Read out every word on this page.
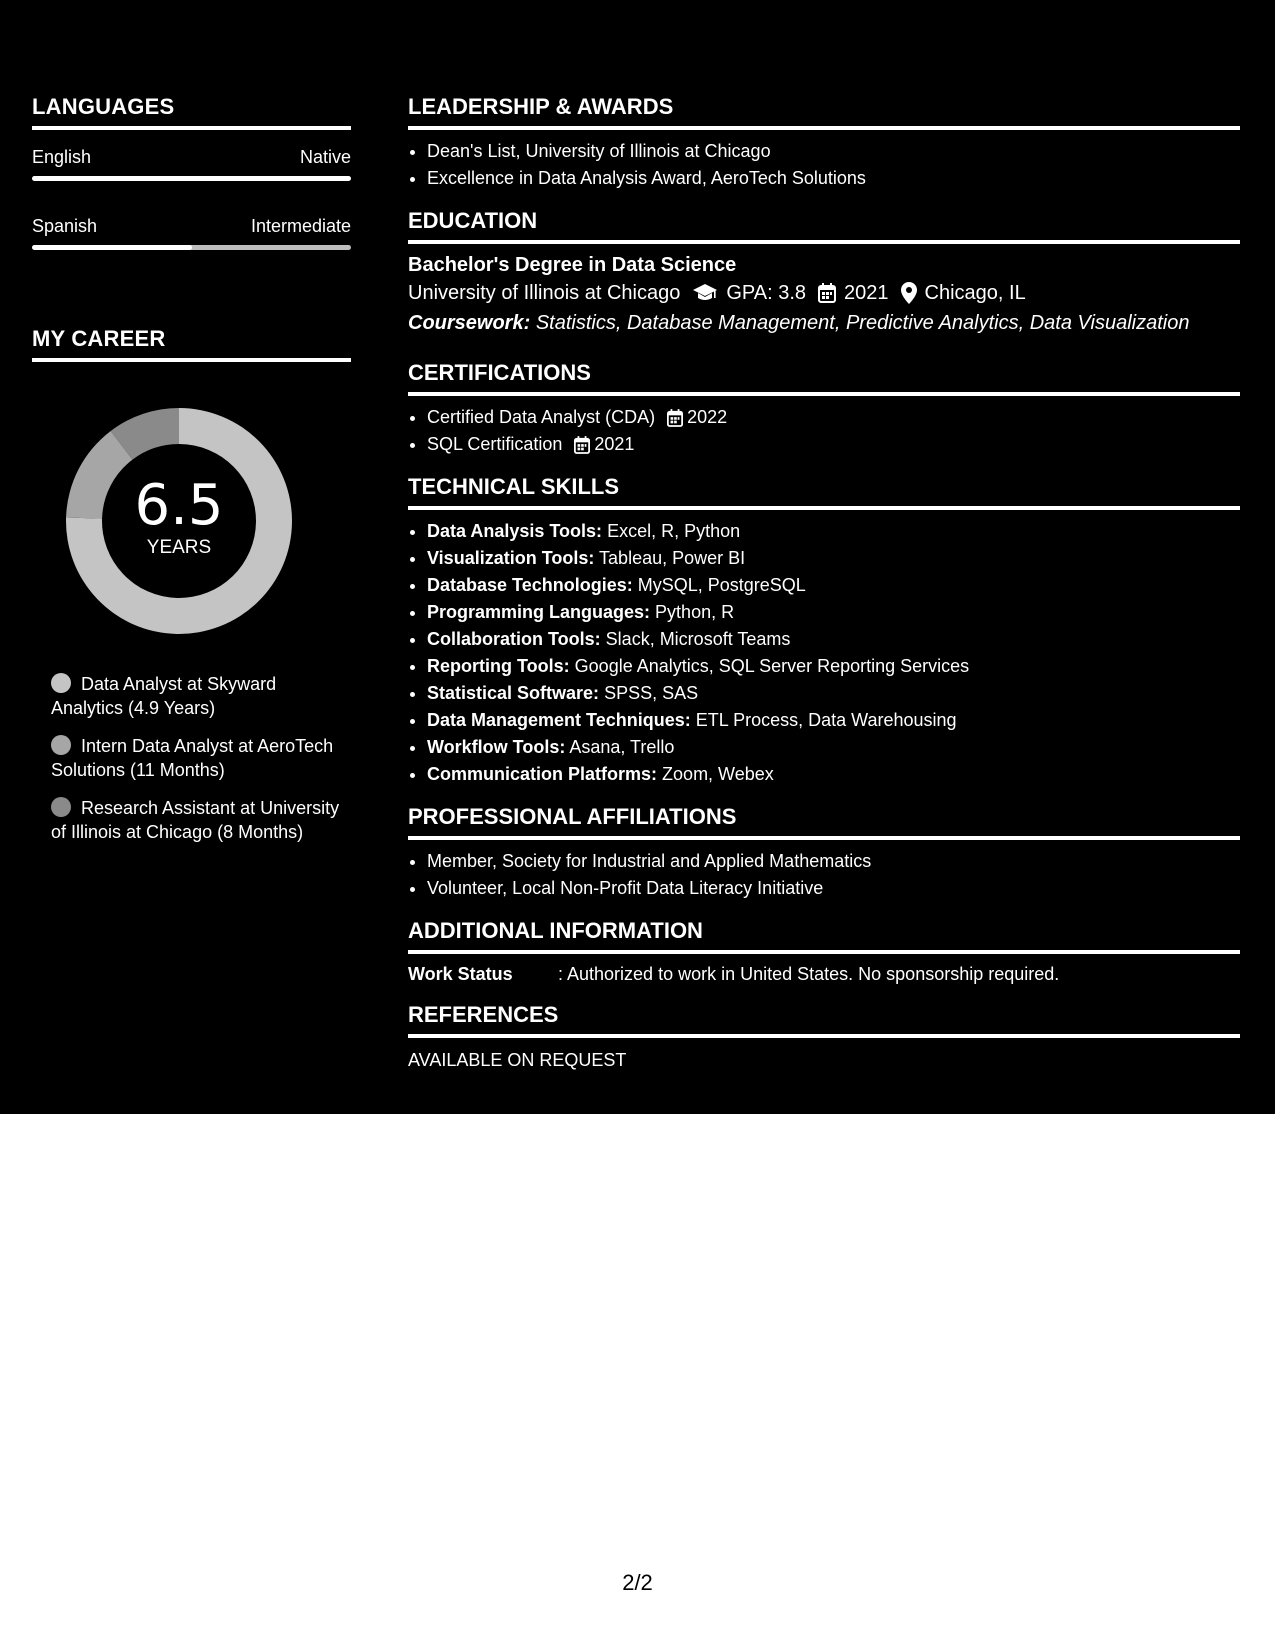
LANGUAGES
English	Native
Spanish	Intermediate
MY CAREER
6.5
YEARS
Data Analyst at Skyward Analytics (4.9 Years)
Intern Data Analyst at AeroTech Solutions (11 Months)
Research Assistant at University of Illinois at Chicago (8 Months)
LEADERSHIP & AWARDS
• Dean's List, University of Illinois at Chicago
• Excellence in Data Analysis Award, AeroTech Solutions
EDUCATION
Bachelor's Degree in Data Science
University of Illinois at Chicago GPA: 3.8 2021 Chicago, IL
Coursework: Statistics, Database Management, Predictive Analytics, Data Visualization
CERTIFICATIONS
• Certified Data Analyst (CDA) 2022
• SQL Certification 2021
TECHNICAL SKILLS
• Data Analysis Tools: Excel, R, Python
• Visualization Tools: Tableau, Power BI
• Database Technologies: MySQL, PostgreSQL
• Programming Languages: Python, R
• Collaboration Tools: Slack, Microsoft Teams
• Reporting Tools: Google Analytics, SQL Server Reporting Services
• Statistical Software: SPSS, SAS
• Data Management Techniques: ETL Process, Data Warehousing
• Workflow Tools: Asana, Trello
• Communication Platforms: Zoom, Webex
PROFESSIONAL AFFILIATIONS
• Member, Society for Industrial and Applied Mathematics
• Volunteer, Local Non-Profit Data Literacy Initiative
ADDITIONAL INFORMATION
Work Status	: Authorized to work in United States. No sponsorship required.
REFERENCES
AVAILABLE ON REQUEST
2/2
